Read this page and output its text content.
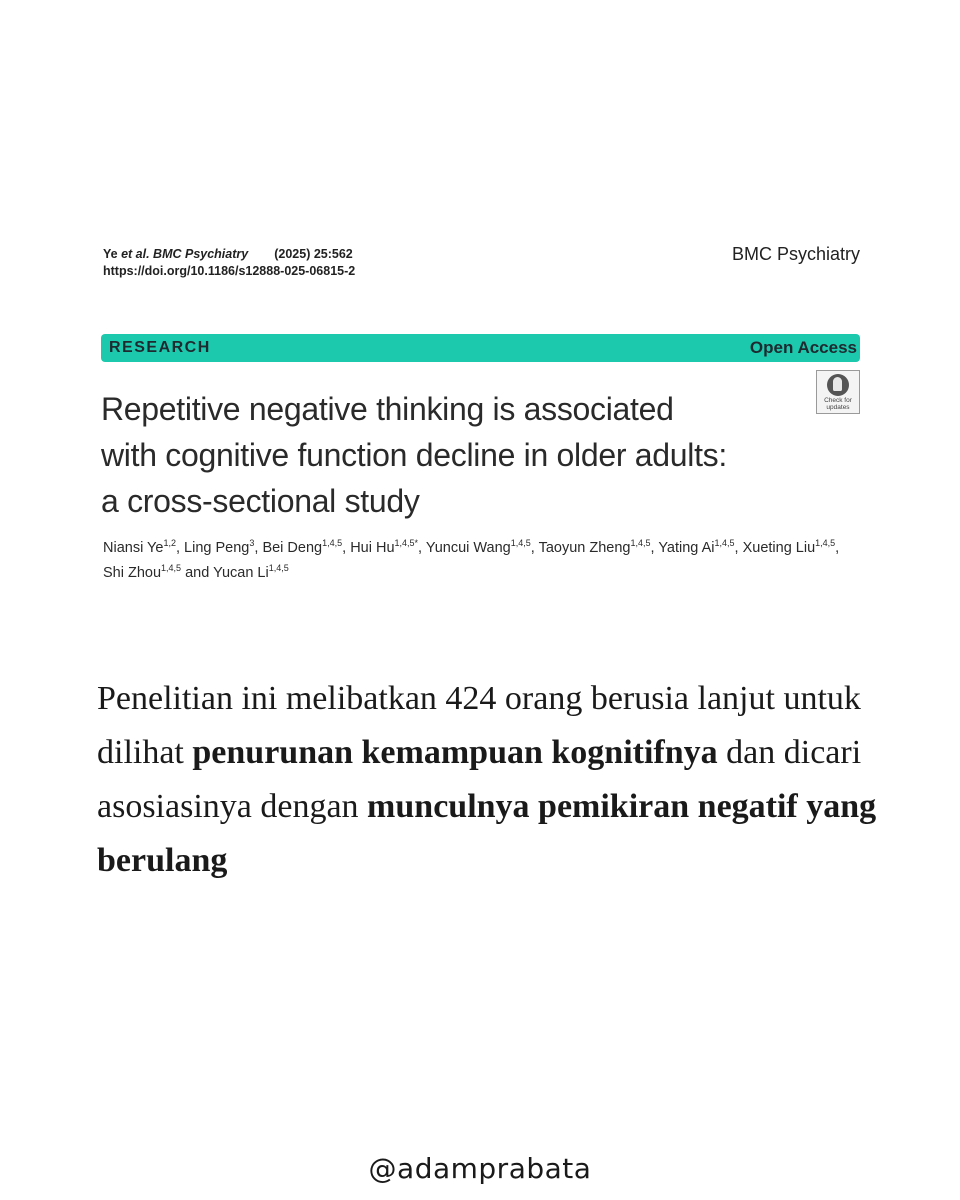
Ye et al. BMC Psychiatry (2025) 25:562
https://doi.org/10.1186/s12888-025-06815-2
BMC Psychiatry
RESEARCH	Open Access
Repetitive negative thinking is associated
with cognitive function decline in older adults:
a cross-sectional study
Check for
updates
Niansi Ye$^{1,2}$, Ling Peng$^3$, Bei Deng$^{1,4,5}$, Hui $Hu^{1,4,5*}$, Yuncui Wang$^{1,4,5}$, Taoyun Zheng$^{1,4,5}$, Yating Ai$^{1,4,5}$, Xueting Liu$^{1,4,5}$, Shi Zhou$^{1,4,5}$ and Yucan Li$^{1,4,5}$
Penelitian ini melibatkan 424 orang berusia lanjut untuk dilihat penurunan kemampuan kognitifnya dan dicari asosiasinya dengan munculnya pemikiran negatif yang berulang
@adamprabata
